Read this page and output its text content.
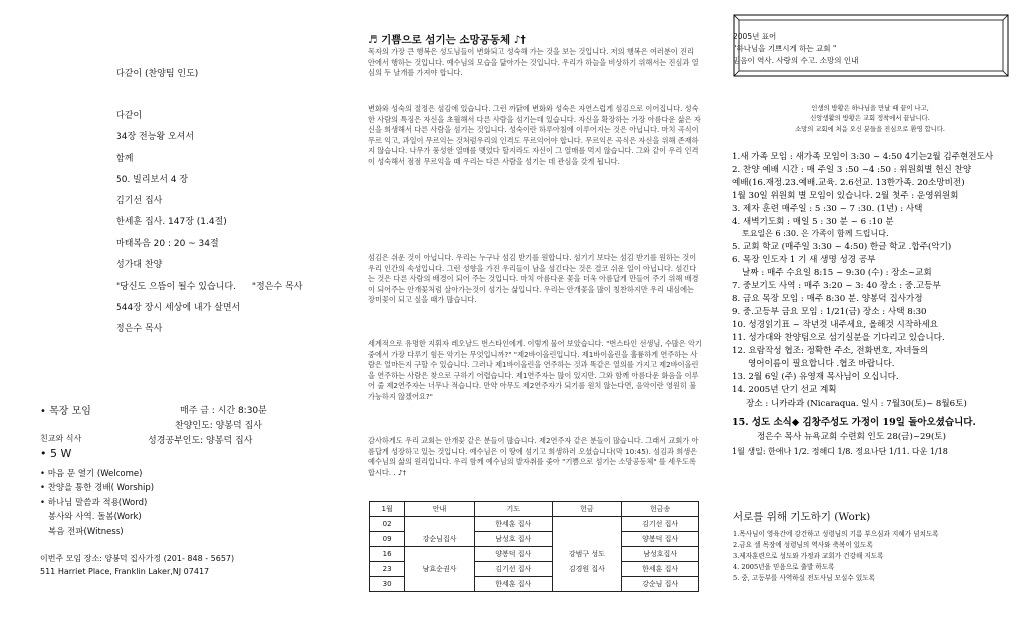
다같이 (찬양팀 인도)
다같이
34장 전능왕 오셔서
함께
50. 빌리보서 4 장
김기선 집사
한세훈 집사. 147장 (1.4절)
마태복음 20 : 20 ~ 34절
성가대 찬양
"당신도 으뜸이 될수 있습니다. "정은수 목사
544장 장시 세상에 내가 살면서
정은수 목사
• 목장 모임	매주 금 : 시간 8:30분
찬양인도: 양봉덕 집사
친교와 식사	성경공부인도: 양봉덕 집사
• 5 W
• 마음 문 열기 (Welcome)
• 찬양을 통한 경배( Worship)
• 하나님 말씀과 적용(Word)
봉사와 사역. 돌봄(Work)
복음 전파(Witness)
이번주 모임 장소: 양봉덕 집사가정 (201- 848 - 5657)
511 Harriet Place, Franklin Laker,NJ 07417
♬ 기쁨으로 섬기는 소망공동체 ♪†
목자의 가장 큰 행복은 성도님들이 변화되고 성숙해 가는 것을 보는 것입니다. 저의 행복은 여러분이 진리 안에서 행하는 것입니다. 예수님의 모습을 닮아가는 것입니다. 우리가 하늘을 비상하기 위해서는 진심과 열심의 두 날개를 가져야 합니다.
변화와 성숙의 절정은 섬김에 있습니다. 그런 까닭에 변화와 성숙은 자연스럽게 섬김으로 이어집니다. 성숙한 사람의 특징은 자신을 초월해서 다른 사람을 섬기는데 있습니다. 자신을 확장하는 가장 아름다운 삶은 자신을 희생해서 다른 사람을 섬기는 것입니다. 성숙이란 하루아침에 이루어지는 것은 아닙니다. 마치 곡식이 무르 익고, 과일이 무르익는 것처럼우리의 인격도 무르익어야 합니다. 무르익은 곡식은 자신을 위해 존재하지 않습니다. 나무가 풍성한 열매를 맺었다 할지라도 자신이 그 열매를 먹지 않습니다. 그와 같이 우리 인격이 성숙해서 점점 무르익을 때 우리는 다른 사람을 섬기는 데 관심을 갖게 됩니다.
섬김은 쉬운 것이 아닙니다. 우리는 누구나 섬김 받기를 원합니다. 섬기기 보다는 섬김 받기를 원하는 것이 우리 인간의 속성입니다. 그런 성향을 가진 우리들이 남을 섬긴다는 것은 결코 쉬운 일이 아닙니다. 섬긴다는 것은 다른 사람의 배경이 되어 주는 것입니다. 마치 아름다운 꽃을 더욱 아름답게 만들어 주기 위해 배경이 되어주는 안개꽃처럼 살아가는것이 섬기는 삶입니다. 우리는 안개꽃을 많이 칭찬하지만 우리 내심에는 장미꽃이 되고 싶을 때가 많습니다.
세계적으로 유명한 지휘자 레오날드 번스타인에게. 이렇게 물어 보았습니다. "번스타인 선생님, 수많은 악기 중에서 가장 다루기 힘든 악기는 무엇입니까?" "제2바이올린입니다. 제1바이올린을 훌륭하게 연주하는 사람은 얼마든지 구할 수 있습니다. 그러나 제1바이올린을 연주하는 것과 똑같은 열의를 가지고 제2바이올린을 연주하는 사람은 찾으로 구하기 어렵습니다. 제1연주자는 많이 있지만. 그와 함께 아름다운 화음을 이루어 줄 제2연주자는 너무나 적습니다. 만약 아무도 제2연주자가 되기를 원치 않는다면, 음악이란 영원히 불가능하지 않겠어요?"
감사하게도 우리 교회는 안개꽃 같은 분들이 많습니다. 제2연주자 같은 분들이 많습니다. 그래서 교회가 아름답게 성장하고 있는 것입니다. 예수님은 이 땅에 섬기고 희생하러 오셨습니다(막 10:45). 섬김과 희생은 예수님의 삶의 원리입니다. 우리 함께 예수님의 발자취를 좇아 "기쁨으로 섬기는 소망공동체" 를 세우도록 합시다. . ♪†
1월	안내	기도	헌금	헌금송
02		한세훈 집사		김기선 집사
09	강순님집사	남성호 집사		양봉덕 집사
16		양봉덕 집사	강범구 성도	남성호집사
23	남효순권사	김기선 집사	김경원 집사	한세훈 집사
30		한세훈 집사		강순님 집사
2005년 표어
"하나님을 기쁘시게 하는 교회 "
믿음이 역사. 사랑의 수고. 소망의 인내
인생의 방황은 하나님을 만날 때 끝이 나고,
신앙생활의 방황은 교회 정착에서 끝납니다.
소망의 교회에 처음 오신 분들을 진심으로 환영 합니다.
1.새 가족 모임 : 새가족 모임이 3:30 ~ 4:50 4기는2월 김주현전도사
2. 찬양 예배 시간 : 매 주일 3 :50 ~4 :50 : 위원회별 헌신 찬양
예배(16.재정.23.예배.교육. 2.6선교. 13한가족. 20소망비전)
1월 30일 위원회 별 모임이 있습니다. 2월 첫주 : 운영위원회
3. 제자 훈련 매주일 : 5 :30 ~ 7 :30. (1년) : 사택
4. 새벽기도회 : 매일 5 : 30 분 ~ 6 :10 분
토요일은 6 :30. 은 가족이 함께 드립니다.
5. 교회 학교 (매주일 3:30 ~ 4:50) 한글 학교 .합주(악기)
6. 목장 인도자 1 기 새 생명 성경 공부
날짜 : 매주 수요일 8:15 ~ 9:30 (수) : 장소~교회
7. 중보기도 사역 : 매주 3:20 ~ 3: 40 장소 : 중.고등부
8. 금요 목장 모임 : 매주 8:30 분. 양봉덕 집사가정
9. 중.고등부 금요 모임 : 1/21(금) 장소 : 사택 8:30
10. 성경읽기표 ~ 작년것 내주세요, 올해것 시작하세요
11. 성가대와 찬양팀으로 섬기실분을 기다리고 있습니다.
12. 요람작성 협조: 정확한 주소, 전화번호, 자녀들의
영어이름이 필요합니다 .협조 바랍니다.
13. 2월 6일 (주) 유영재 목사님이 오십니다.
14. 2005년 단기 선교 계획
장소 : 니카라과 (Nicaraqua. 일시 : 7월30(토)~ 8월6토)
15. 성도 소식◆ 김창주성도 가정이 19일 돌아오셨습니다.
정은수 목사 뉴욕교회 수련회 인도 28(금)~29(토)
1월 생일: 한애나 1/2. 정해디 1/8. 정요나단 1/11. 다운 1/18
서로를 위해 기도하기 (Work)
1.목사님이 영육간에 강건하고 성령님의 기름 부으심과 지혜가 넘치도록
2.금요 셀 목장에 성령님의 역사와 축복이 있도록
3.제자훈련으로 성도와 가정과 교회가 건강해 지도록
4. 2005년을 믿음으로 출발 하도록
5. 중, 고등부를 사역하실 전도사님 모실수 있도록
